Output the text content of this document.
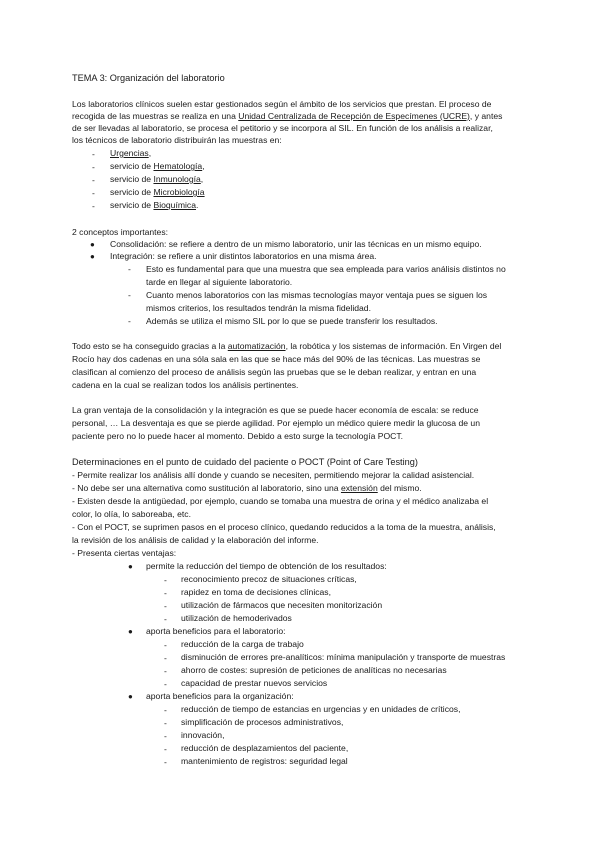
TEMA 3: Organización del laboratorio
Los laboratorios clínicos suelen estar gestionados según el ámbito de los servicios que prestan. El proceso de
recogida de las muestras se realiza en una Unidad Centralizada de Recepción de Especímenes (UCRE), y antes
de ser llevadas al laboratorio, se procesa el petitorio y se incorpora al SIL. En función de los análisis a realizar,
los técnicos de laboratorio distribuirán las muestras en:
- Urgencias,
- servicio de Hematología,
- servicio de Inmunología,
- servicio de Microbiología
- servicio de Bioquímica.
2 conceptos importantes:
● Consolidación: se refiere a dentro de un mismo laboratorio, unir las técnicas en un mismo equipo.
● Integración: se refiere a unir distintos laboratorios en una misma área.
- Esto es fundamental para que una muestra que sea empleada para varios análisis distintos no
tarde en llegar al siguiente laboratorio.
- Cuanto menos laboratorios con las mismas tecnologías mayor ventaja pues se siguen los
mismos criterios, los resultados tendrán la misma fidelidad.
- Además se utiliza el mismo SIL por lo que se puede transferir los resultados.
Todo esto se ha conseguido gracias a la automatización, la robótica y los sistemas de información. En Virgen del
Rocío hay dos cadenas en una sóla sala en las que se hace más del 90% de las técnicas. Las muestras se
clasifican al comienzo del proceso de análisis según las pruebas que se le deban realizar, y entran en una
cadena en la cual se realizan todos los análisis pertinentes.
La gran ventaja de la consolidación y la integración es que se puede hacer economía de escala: se reduce
personal, … La desventaja es que se pierde agilidad. Por ejemplo un médico quiere medir la glucosa de un
paciente pero no lo puede hacer al momento. Debido a esto surge la tecnología POCT.
Determinaciones en el punto de cuidado del paciente o POCT (Point of Care Testing)
- Permite realizar los análisis allí donde y cuando se necesiten, permitiendo mejorar la calidad asistencial.
- No debe ser una alternativa como sustitución al laboratorio, sino una extensión del mismo.
- Existen desde la antigüedad, por ejemplo, cuando se tomaba una muestra de orina y el médico analizaba el
color, lo olía, lo saboreaba, etc.
- Con el POCT, se suprimen pasos en el proceso clínico, quedando reducidos a la toma de la muestra, análisis,
la revisión de los análisis de calidad y la elaboración del informe.
- Presenta ciertas ventajas:
● permite la reducción del tiempo de obtención de los resultados:
- reconocimiento precoz de situaciones críticas,
- rapidez en toma de decisiones clínicas,
- utilización de fármacos que necesiten monitorización
- utilización de hemoderivados
● aporta beneficios para el laboratorio:
- reducción de la carga de trabajo
- disminución de errores pre-analíticos: mínima manipulación y transporte de muestras
- ahorro de costes: supresión de peticiones de analíticas no necesarias
- capacidad de prestar nuevos servicios
● aporta beneficios para la organización:
- reducción de tiempo de estancias en urgencias y en unidades de críticos,
- simplificación de procesos administrativos,
- innovación,
- reducción de desplazamientos del paciente,
- mantenimiento de registros: seguridad legal
